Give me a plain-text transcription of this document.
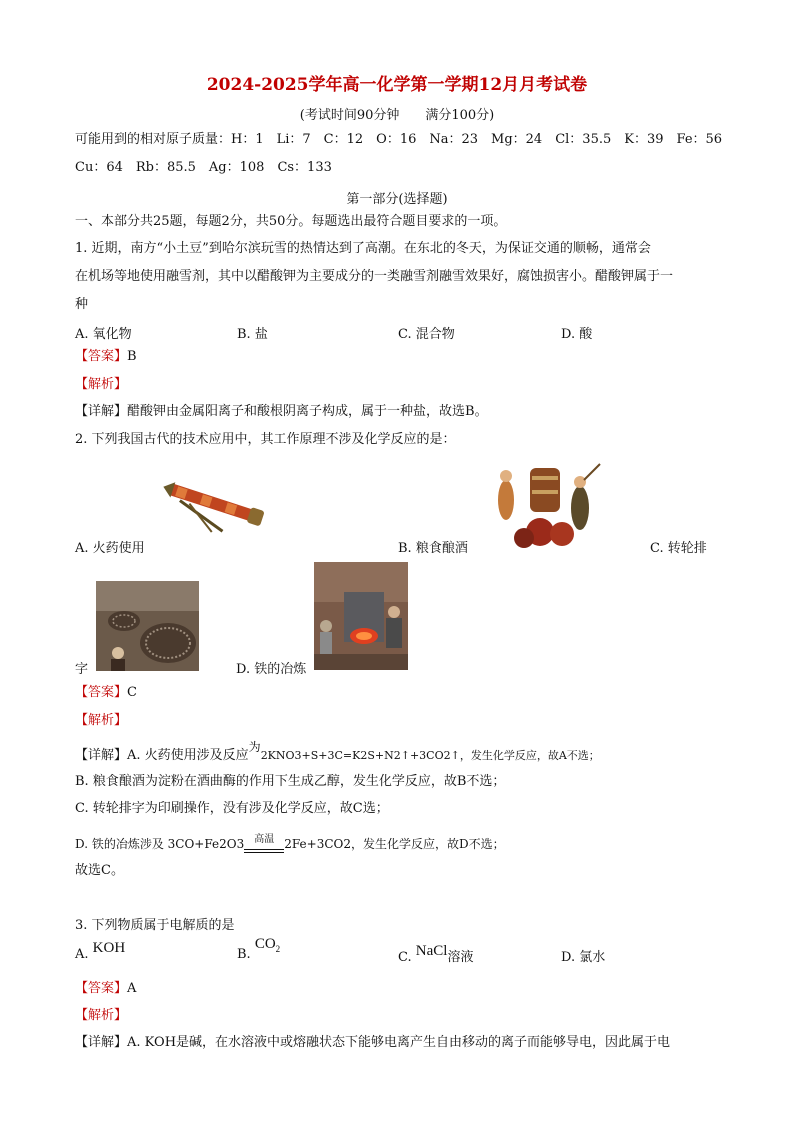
2024-2025学年高一化学第一学期12月月考试卷
(考试时间90分钟　　满分100分)
可能用到的相对原子质量：H：1　Li：7　C：12　O：16　Na：23　Mg：24　Cl：35.5　K：39　Fe：56
Cu：64　Rb：85.5　Ag：108　Cs：133
第一部分(选择题)
一、本部分共25题，每题2分，共50分。每题选出最符合题目要求的一项。
1. 近期，南方“小土豆”到哈尔滨玩雪的热情达到了高潮。在东北的冬天，为保证交通的顺畅，通常会
在机场等地使用融雪剂，其中以醋酸钾为主要成分的一类融雪剂融雪效果好，腐蚀损害小。醋酸钾属于一
种
A. 氧化物	B. 盐	C. 混合物	D. 酸
【答案】B
【解析】
【详解】醋酸钾由金属阳离子和酸根阴离子构成，属于一种盐，故选B。
2. 下列我国古代的技术应用中，其工作原理不涉及化学反应的是：
A. 火药使用	B. 粮食酿酒	C. 转轮排
字	D. 铁的冶炼
【答案】C
【解析】
【详解】A. 火药使用涉及反应为2KNO3+S+3C=K2S+N2↑+3CO2↑，发生化学反应，故A不选；
B. 粮食酿酒为淀粉在酒曲酶的作用下生成乙醇，发生化学反应，故B不选；
C. 转轮排字为印刷操作，没有涉及化学反应，故C选；
D. 铁的冶炼涉及 3CO+Fe2O3	高温 2Fe+3CO2，发生化学反应，故D不选；
故选C。
3. 下列物质属于电解质的是
A. KOH	B. $CO_2$
C. NaCl溶液	D. 氯水
【答案】A
【解析】
【详解】A. KOH是碱，在水溶液中或熔融状态下能够电离产生自由移动的离子而能够导电，因此属于电
